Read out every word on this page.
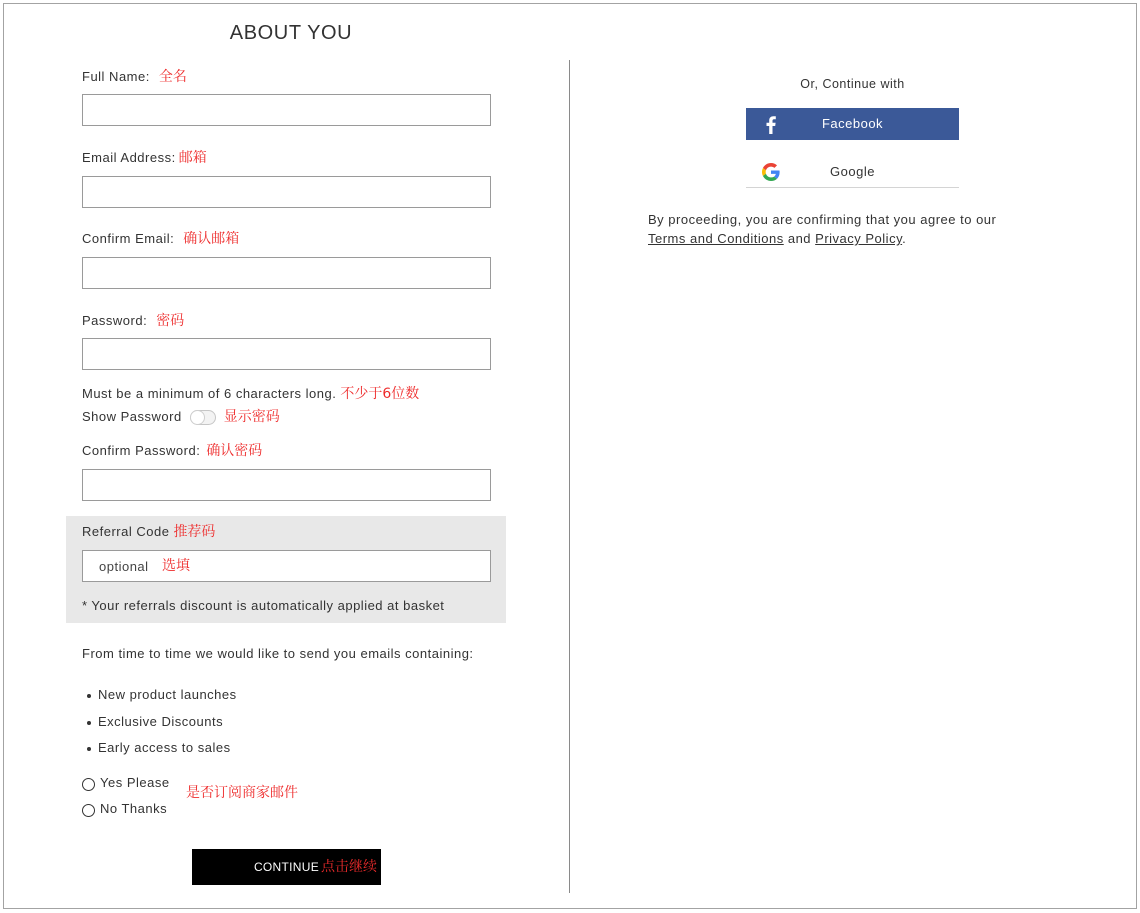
ABOUT YOU
Full Name: 全名
Email Address: 邮箱
Confirm Email: 确认邮箱
Password: 密码
Must be a minimum of 6 characters long. 不少于6位数
Show Password	显示密码
Confirm Password: 确认密码
Referral Code 推荐码
optional
选填
* Your referrals discount is automatically applied at basket
From time to time we would like to send you emails containing:
New product launches
Exclusive Discounts
Early access to sales
Yes Please
No Thanks
是否订阅商家邮件
CONTINUE 点击继续
Or, Continue with
Facebook
Google
By proceeding, you are confirming that you agree to our
Terms and Conditions and Privacy Policy.
